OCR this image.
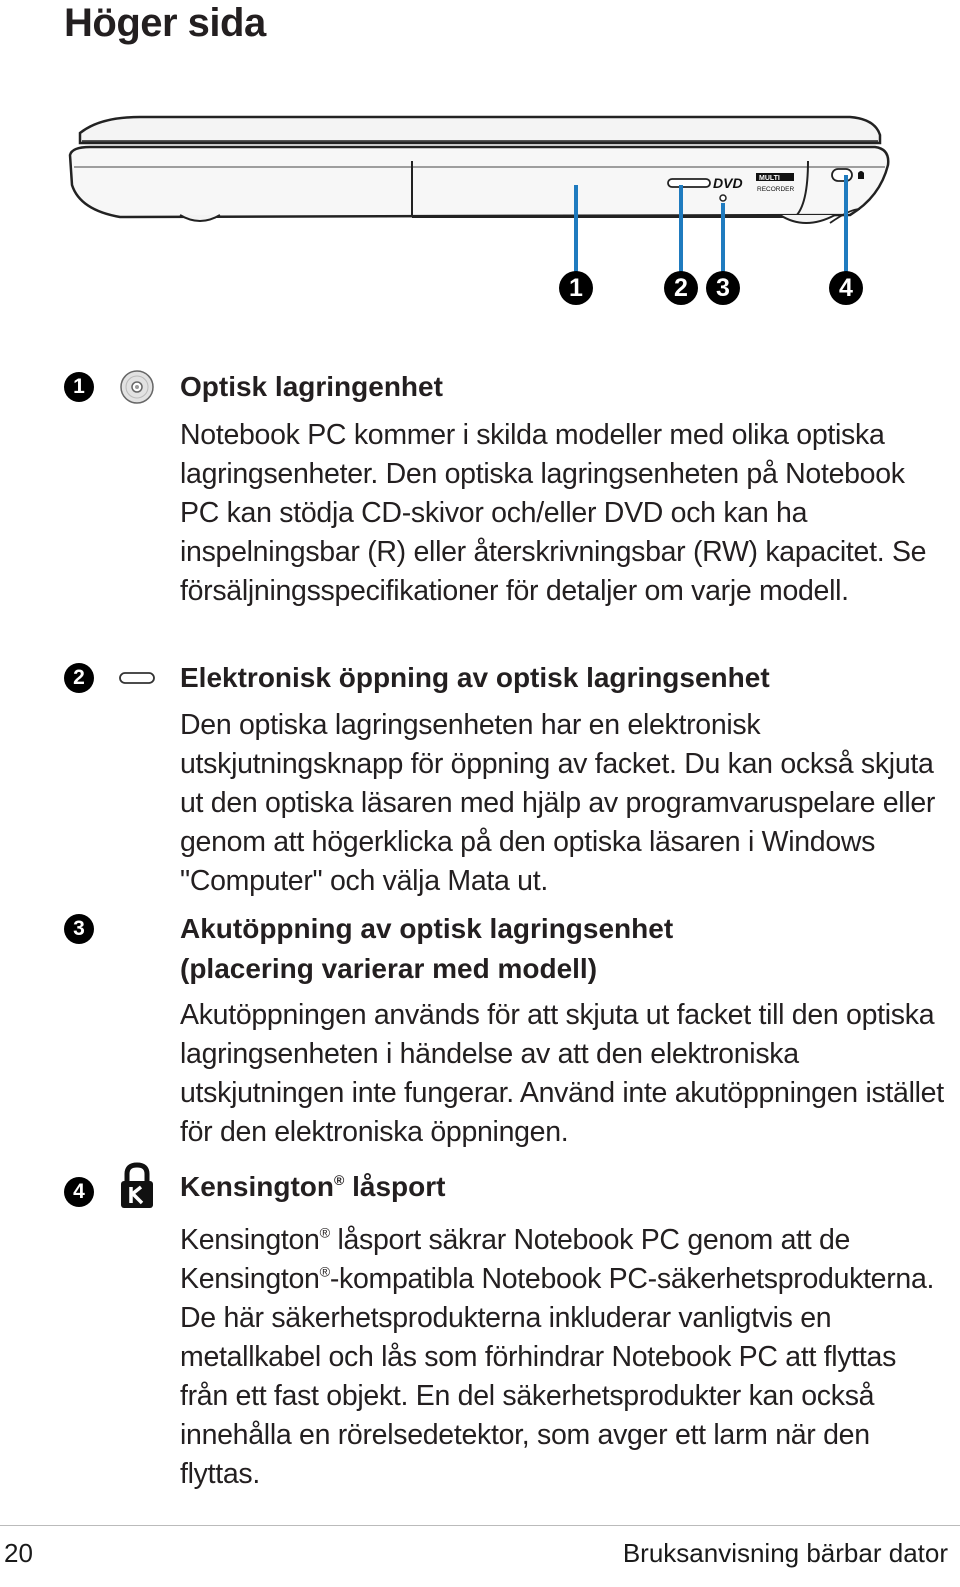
Höger sida
DVD MULTI
RECORDER
1	2	3	4
1	Optisk lagringenhet

Notebook PC kommer i skilda modeller med olika optiska lagringsenheter. Den optiska lagringsenheten på Notebook PC kan stödja CD-skivor och/eller DVD och kan ha inspelningsbar (R) eller återskrivningsbar (RW) kapacitet. Se försäljningsspecifikationer för detaljer om varje modell.

2	Elektronisk öppning av optisk lagringsenhet

Den optiska lagringsenheten har en elektronisk utskjutningsknapp för öppning av facket. Du kan också skjuta ut den optiska läsaren med hjälp av programvaruspelare eller genom att högerklicka på den optiska läsaren i Windows "Computer" och välja Mata ut.

3	Akutöppning av optisk lagringsenhet
(placering varierar med modell)

Akutöppningen används för att skjuta ut facket till den optiska lagringsenheten i händelse av att den elektroniska utskjutningen inte fungerar. Använd inte akutöppningen istället för den elektroniska öppningen.

4	Kensington® låsport

Kensington® låsport säkrar Notebook PC genom att de Kensington®-kompatibla Notebook PC-säkerhetsprodukterna. De här säkerhetsprodukterna inkluderar vanligtvis en metallkabel och lås som förhindrar Notebook PC att flyttas från ett fast objekt. En del säkerhetsprodukter kan också innehålla en rörelsedetektor, som avger ett larm när den flyttas.

20	Bruksanvisning bärbar dator
